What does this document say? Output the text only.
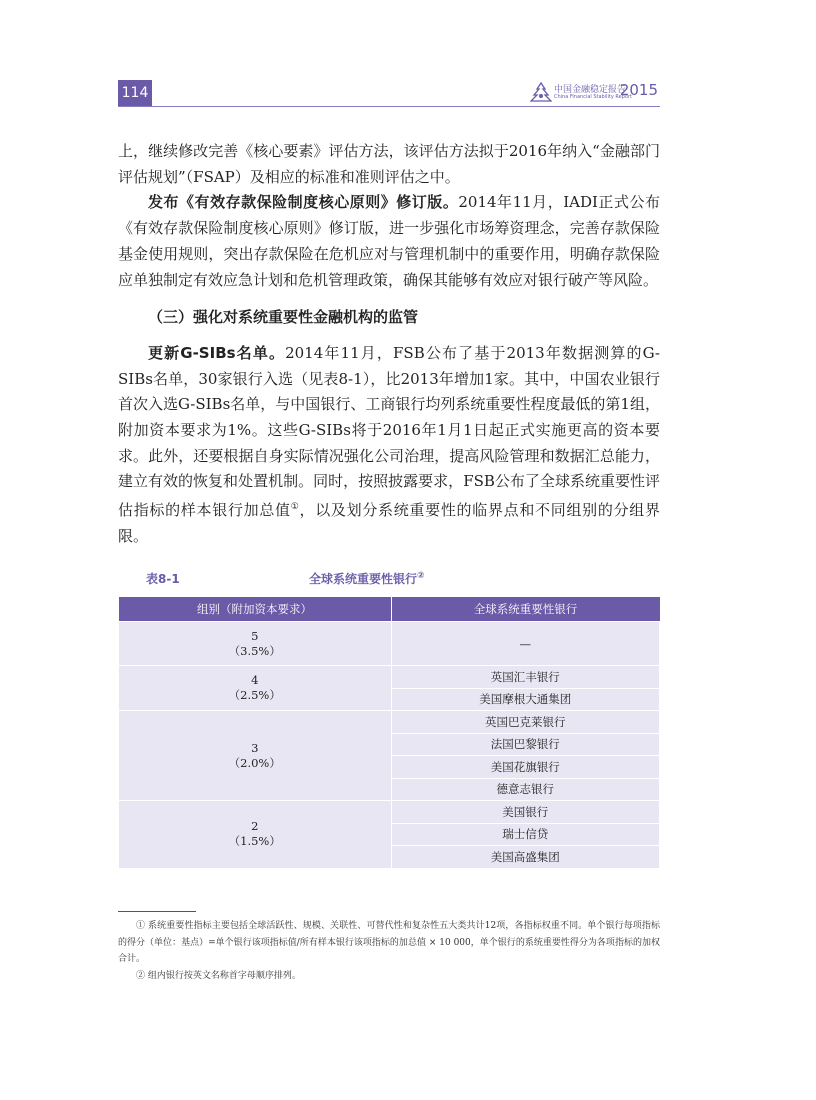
114	中国金融稳定报告
China Financial Stability Report
2015

上，继续修改完善《核心要素》评估方法，该评估方法拟于2016年纳入“金融部门评估规划”（FSAP）及相应的标准和准则评估之中。

发布《有效存款保险制度核心原则》修订版。2014年11月，IADI正式公布《有效存款保险制度核心原则》修订版，进一步强化市场筹资理念，完善存款保险基金使用规则，突出存款保险在危机应对与管理机制中的重要作用，明确存款保险应单独制定有效应急计划和危机管理政策，确保其能够有效应对银行破产等风险。

（三）强化对系统重要性金融机构的监管

更新G-SIBs名单。2014年11月，FSB公布了基于2013年数据测算的G-SIBs名单，30家银行入选（见表8-1），比2013年增加1家。其中，中国农业银行首次入选G-SIBs名单，与中国银行、工商银行均列系统重要性程度最低的第1组，附加资本要求为1%。这些G-SIBs将于2016年1月1日起正式实施更高的资本要求。此外，还要根据自身实际情况强化公司治理，提高风险管理和数据汇总能力，建立有效的恢复和处置机制。同时，按照披露要求，FSB公布了全球系统重要性评估指标的样本银行加总值①，以及划分系统重要性的临界点和不同组别的分组界限。

表8-1	全球系统重要性银行②
组别（附加资本要求）	全球系统重要性银行
5
（3.5%）	—
4
（2.5%）	英国汇丰银行
	美国摩根大通集团
3
（2.0%）	英国巴克莱银行
	法国巴黎银行
	美国花旗银行
	德意志银行
2
（1.5%）	美国银行
	瑞士信贷
	美国高盛集团

① 系统重要性指标主要包括全球活跃性、规模、关联性、可替代性和复杂性五大类共计12项，各指标权重不同。单个银行每项指标的得分（单位：基点）=单个银行该项指标值/所有样本银行该项指标的加总值 × 10 000，单个银行的系统重要性得分为各项指标的加权合计。

② 组内银行按英文名称首字母顺序排列。
